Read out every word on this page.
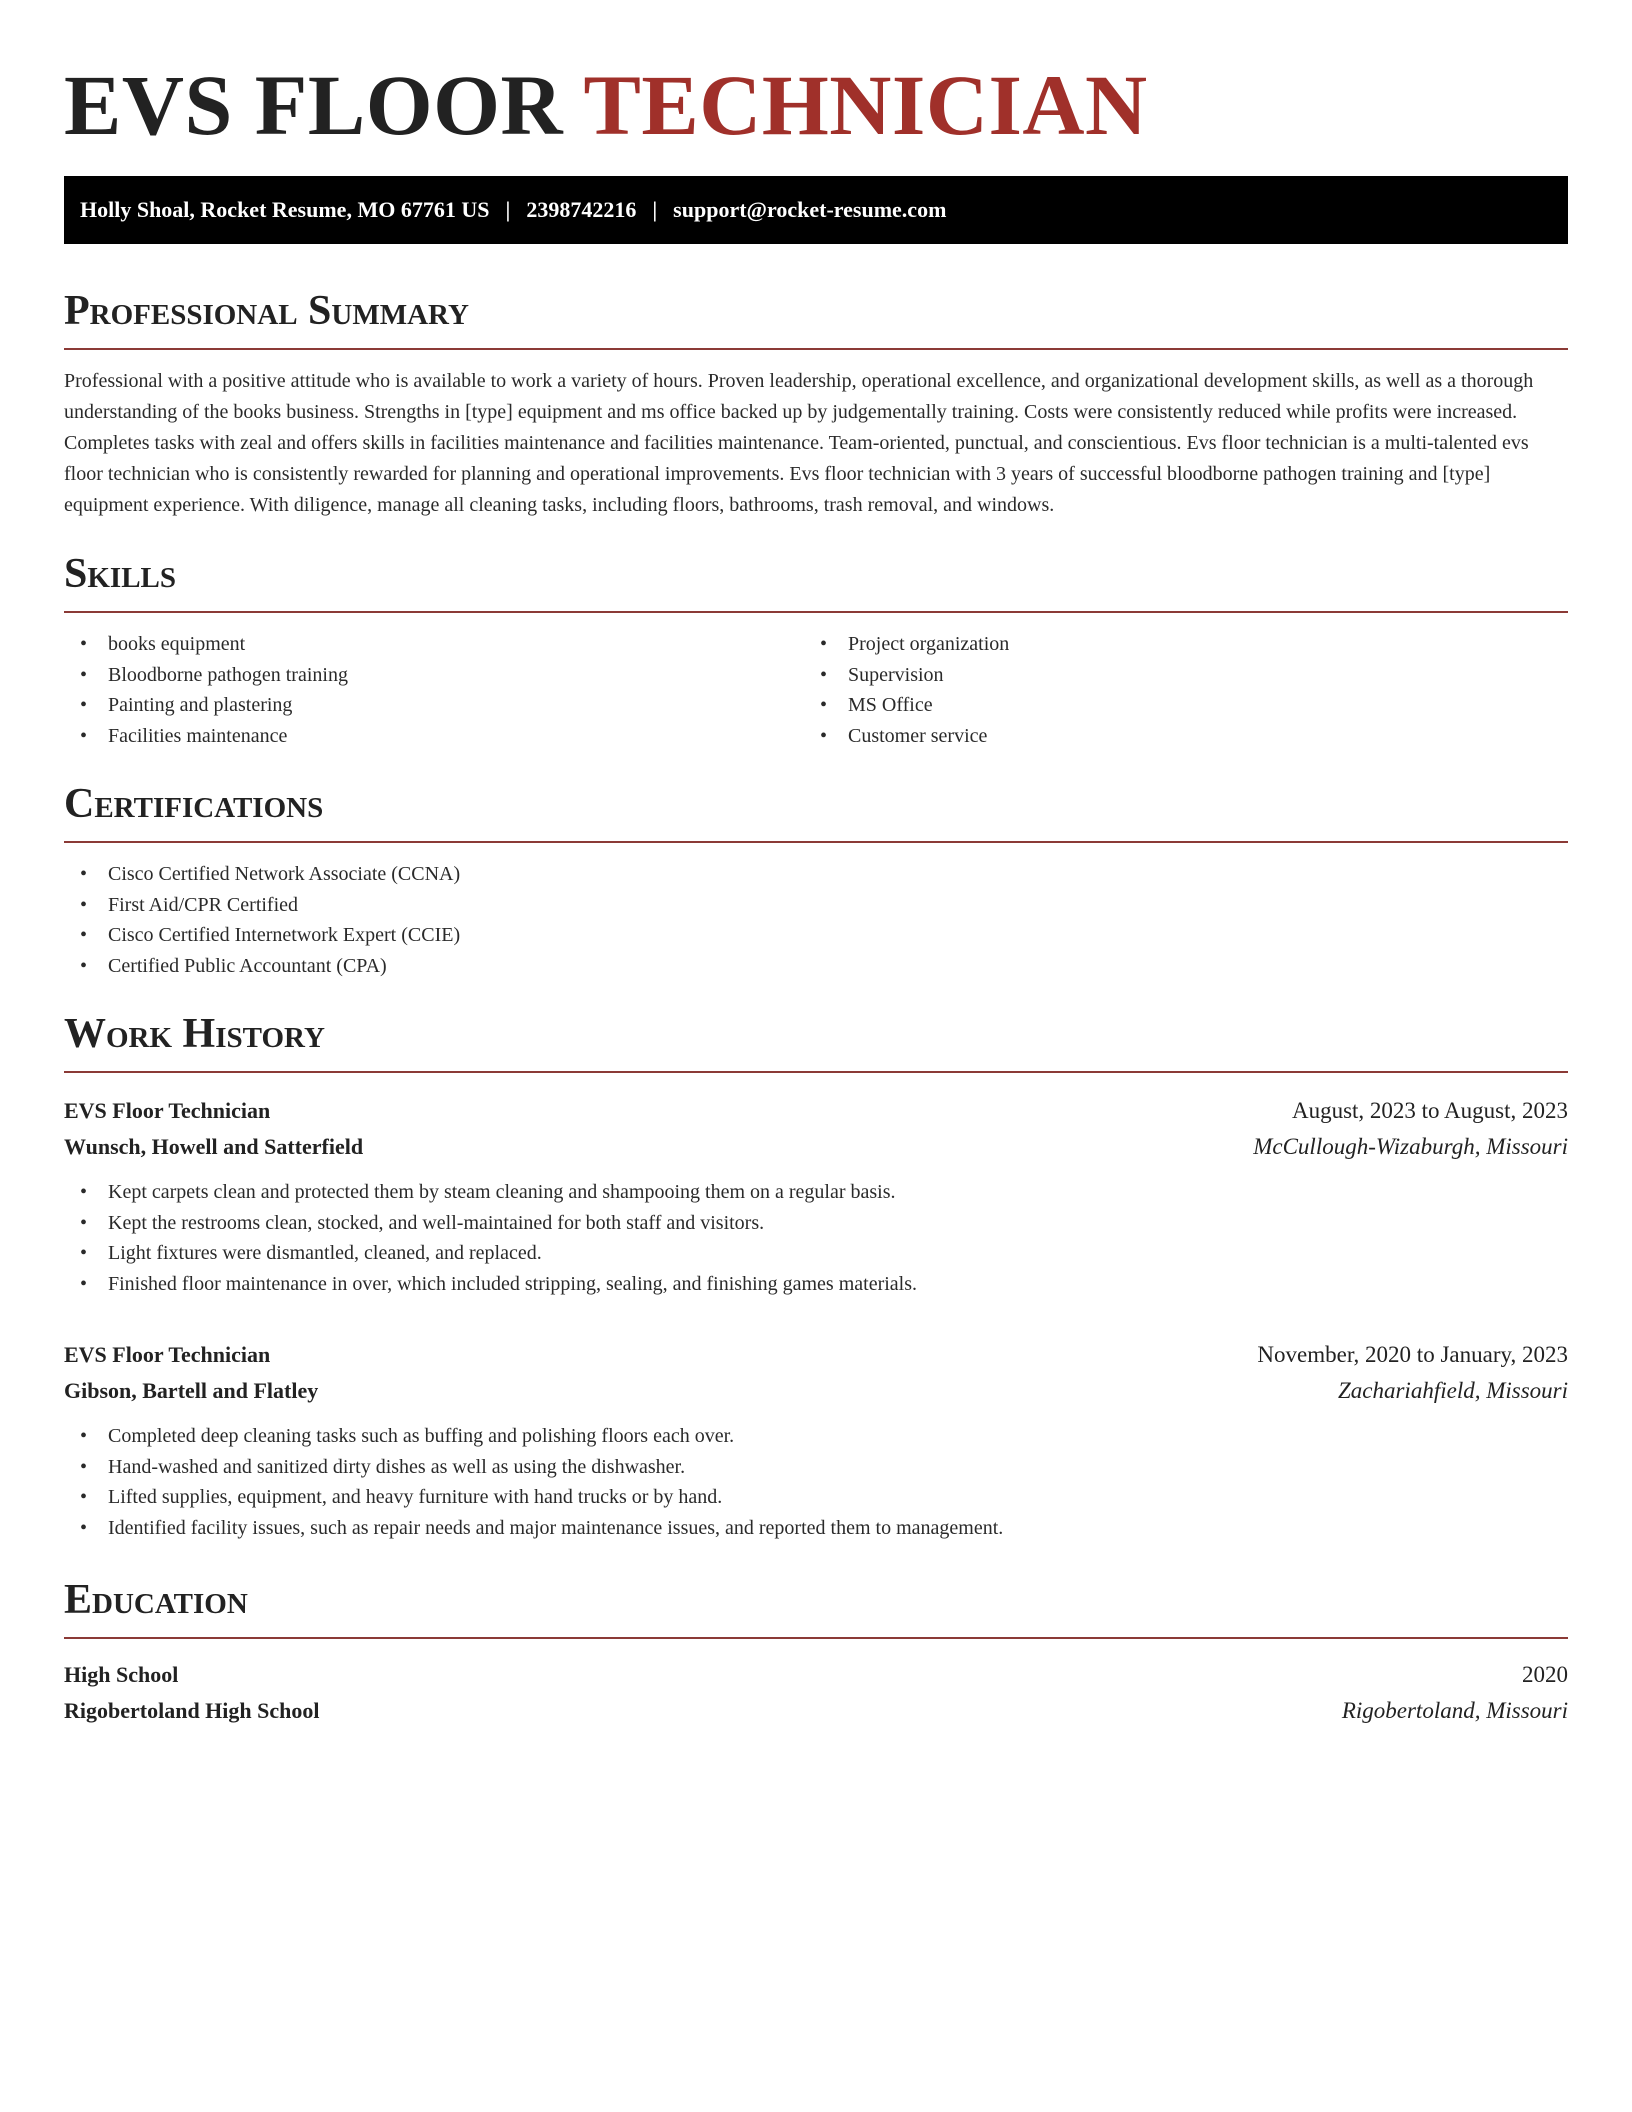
EVS FLOOR TECHNICIAN
Holly Shoal, Rocket Resume, MO 67761 US | 2398742216 | support@rocket-resume.com
Professional Summary

Professional with a positive attitude who is available to work a variety of hours. Proven leadership, operational excellence, and organizational development skills, as well as a thorough understanding of the books business. Strengths in [type] equipment and ms office backed up by judgementally training. Costs were consistently reduced while profits were increased. Completes tasks with zeal and offers skills in facilities maintenance and facilities maintenance. Team-oriented, punctual, and conscientious. Evs floor technician is a multi-talented evs floor technician who is consistently rewarded for planning and operational improvements. Evs floor technician with 3 years of successful bloodborne pathogen training and [type] equipment experience. With diligence, manage all cleaning tasks, including floors, bathrooms, trash removal, and windows.

Skills
• books equipment
• Bloodborne pathogen training
• Painting and plastering
• Facilities maintenance
• Project organization
• Supervision
• MS Office
• Customer service
Certifications
• Cisco Certified Network Associate (CCNA)
• First Aid/CPR Certified
• Cisco Certified Internetwork Expert (CCIE)
• Certified Public Accountant (CPA)
Work History
EVS Floor Technician	August, 2023 to August, 2023
Wunsch, Howell and Satterfield	McCullough-Wizaburgh, Missouri
• Kept carpets clean and protected them by steam cleaning and shampooing them on a regular basis.
• Kept the restrooms clean, stocked, and well-maintained for both staff and visitors.
• Light fixtures were dismantled, cleaned, and replaced.
• Finished floor maintenance in over, which included stripping, sealing, and finishing games materials.
EVS Floor Technician	November, 2020 to January, 2023
Gibson, Bartell and Flatley	Zachariahfield, Missouri
• Completed deep cleaning tasks such as buffing and polishing floors each over.
• Hand-washed and sanitized dirty dishes as well as using the dishwasher.
• Lifted supplies, equipment, and heavy furniture with hand trucks or by hand.
• Identified facility issues, such as repair needs and major maintenance issues, and reported them to management.
Education
High School	2020
Rigobertoland High School	Rigobertoland, Missouri
